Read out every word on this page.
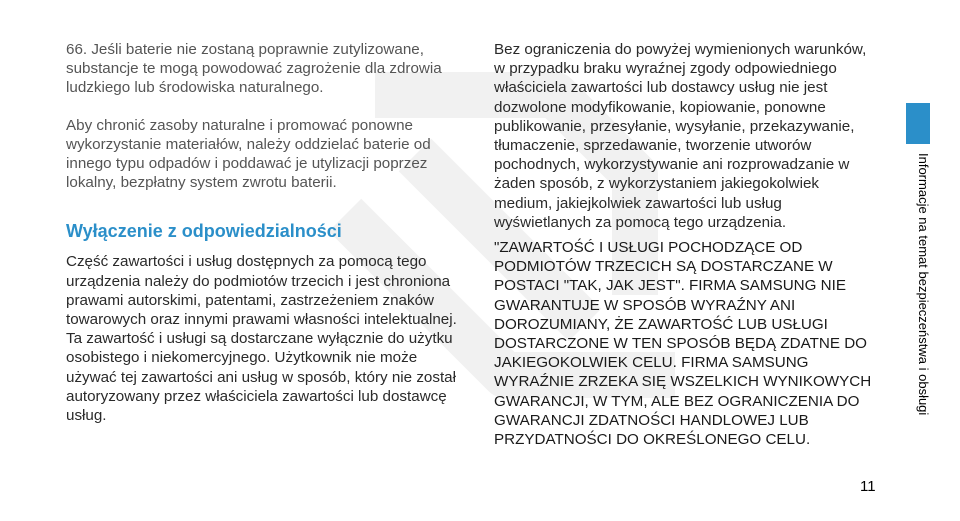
66. Jeśli baterie nie zostaną poprawnie zutylizowane, substancje te mogą powodować zagrożenie dla zdrowia ludzkiego lub środowiska naturalnego.

Aby chronić zasoby naturalne i promować ponowne wykorzystanie materiałów, należy oddzielać baterie od innego typu odpadów i poddawać je utylizacji poprzez lokalny, bezpłatny system zwrotu baterii.

Wyłączenie z odpowiedzialności

Część zawartości i usług dostępnych za pomocą tego urządzenia należy do podmiotów trzecich i jest chroniona prawami autorskimi, patentami, zastrzeżeniem znaków towarowych oraz innymi prawami własności intelektualnej. Ta zawartość i usługi są dostarczane wyłącznie do użytku osobistego i niekomercyjnego. Użytkownik nie może używać tej zawartości ani usług w sposób, który nie został autoryzowany przez właściciela zawartości lub dostawcę usług.

Bez ograniczenia do powyżej wymienionych warunków, w przypadku braku wyraźnej zgody odpowiedniego właściciela zawartości lub dostawcy usług nie jest dozwolone modyfikowanie, kopiowanie, ponowne publikowanie, przesyłanie, wysyłanie, przekazywanie, tłumaczenie, sprzedawanie, tworzenie utworów pochodnych, wykorzystywanie ani rozprowadzanie w żaden sposób, z wykorzystaniem jakiegokolwiek medium, jakiejkolwiek zawartości lub usług wyświetlanych za pomocą tego urządzenia.

"ZAWARTOŚĆ I USŁUGI POCHODZĄCE OD PODMIOTÓW TRZECICH SĄ DOSTARCZANE W POSTACI "TAK, JAK JEST". FIRMA SAMSUNG NIE GWARANTUJE W SPOSÓB WYRAŹNY ANI DOROZUMIANY, ŻE ZAWARTOŚĆ LUB USŁUGI DOSTARCZONE W TEN SPOSÓB BĘDĄ ZDATNE DO JAKIEGOKOLWIEK CELU. FIRMA SAMSUNG WYRAŹNIE ZRZEKA SIĘ WSZELKICH WYNIKOWYCH GWARANCJI, W TYM, ALE BEZ OGRANICZENIA DO GWARANCJI ZDATNOŚCI HANDLOWEJ LUB PRZYDATNOŚCI DO OKREŚLONEGO CELU.

Informacje na temat bezpieczeństwa i obsługi
11
